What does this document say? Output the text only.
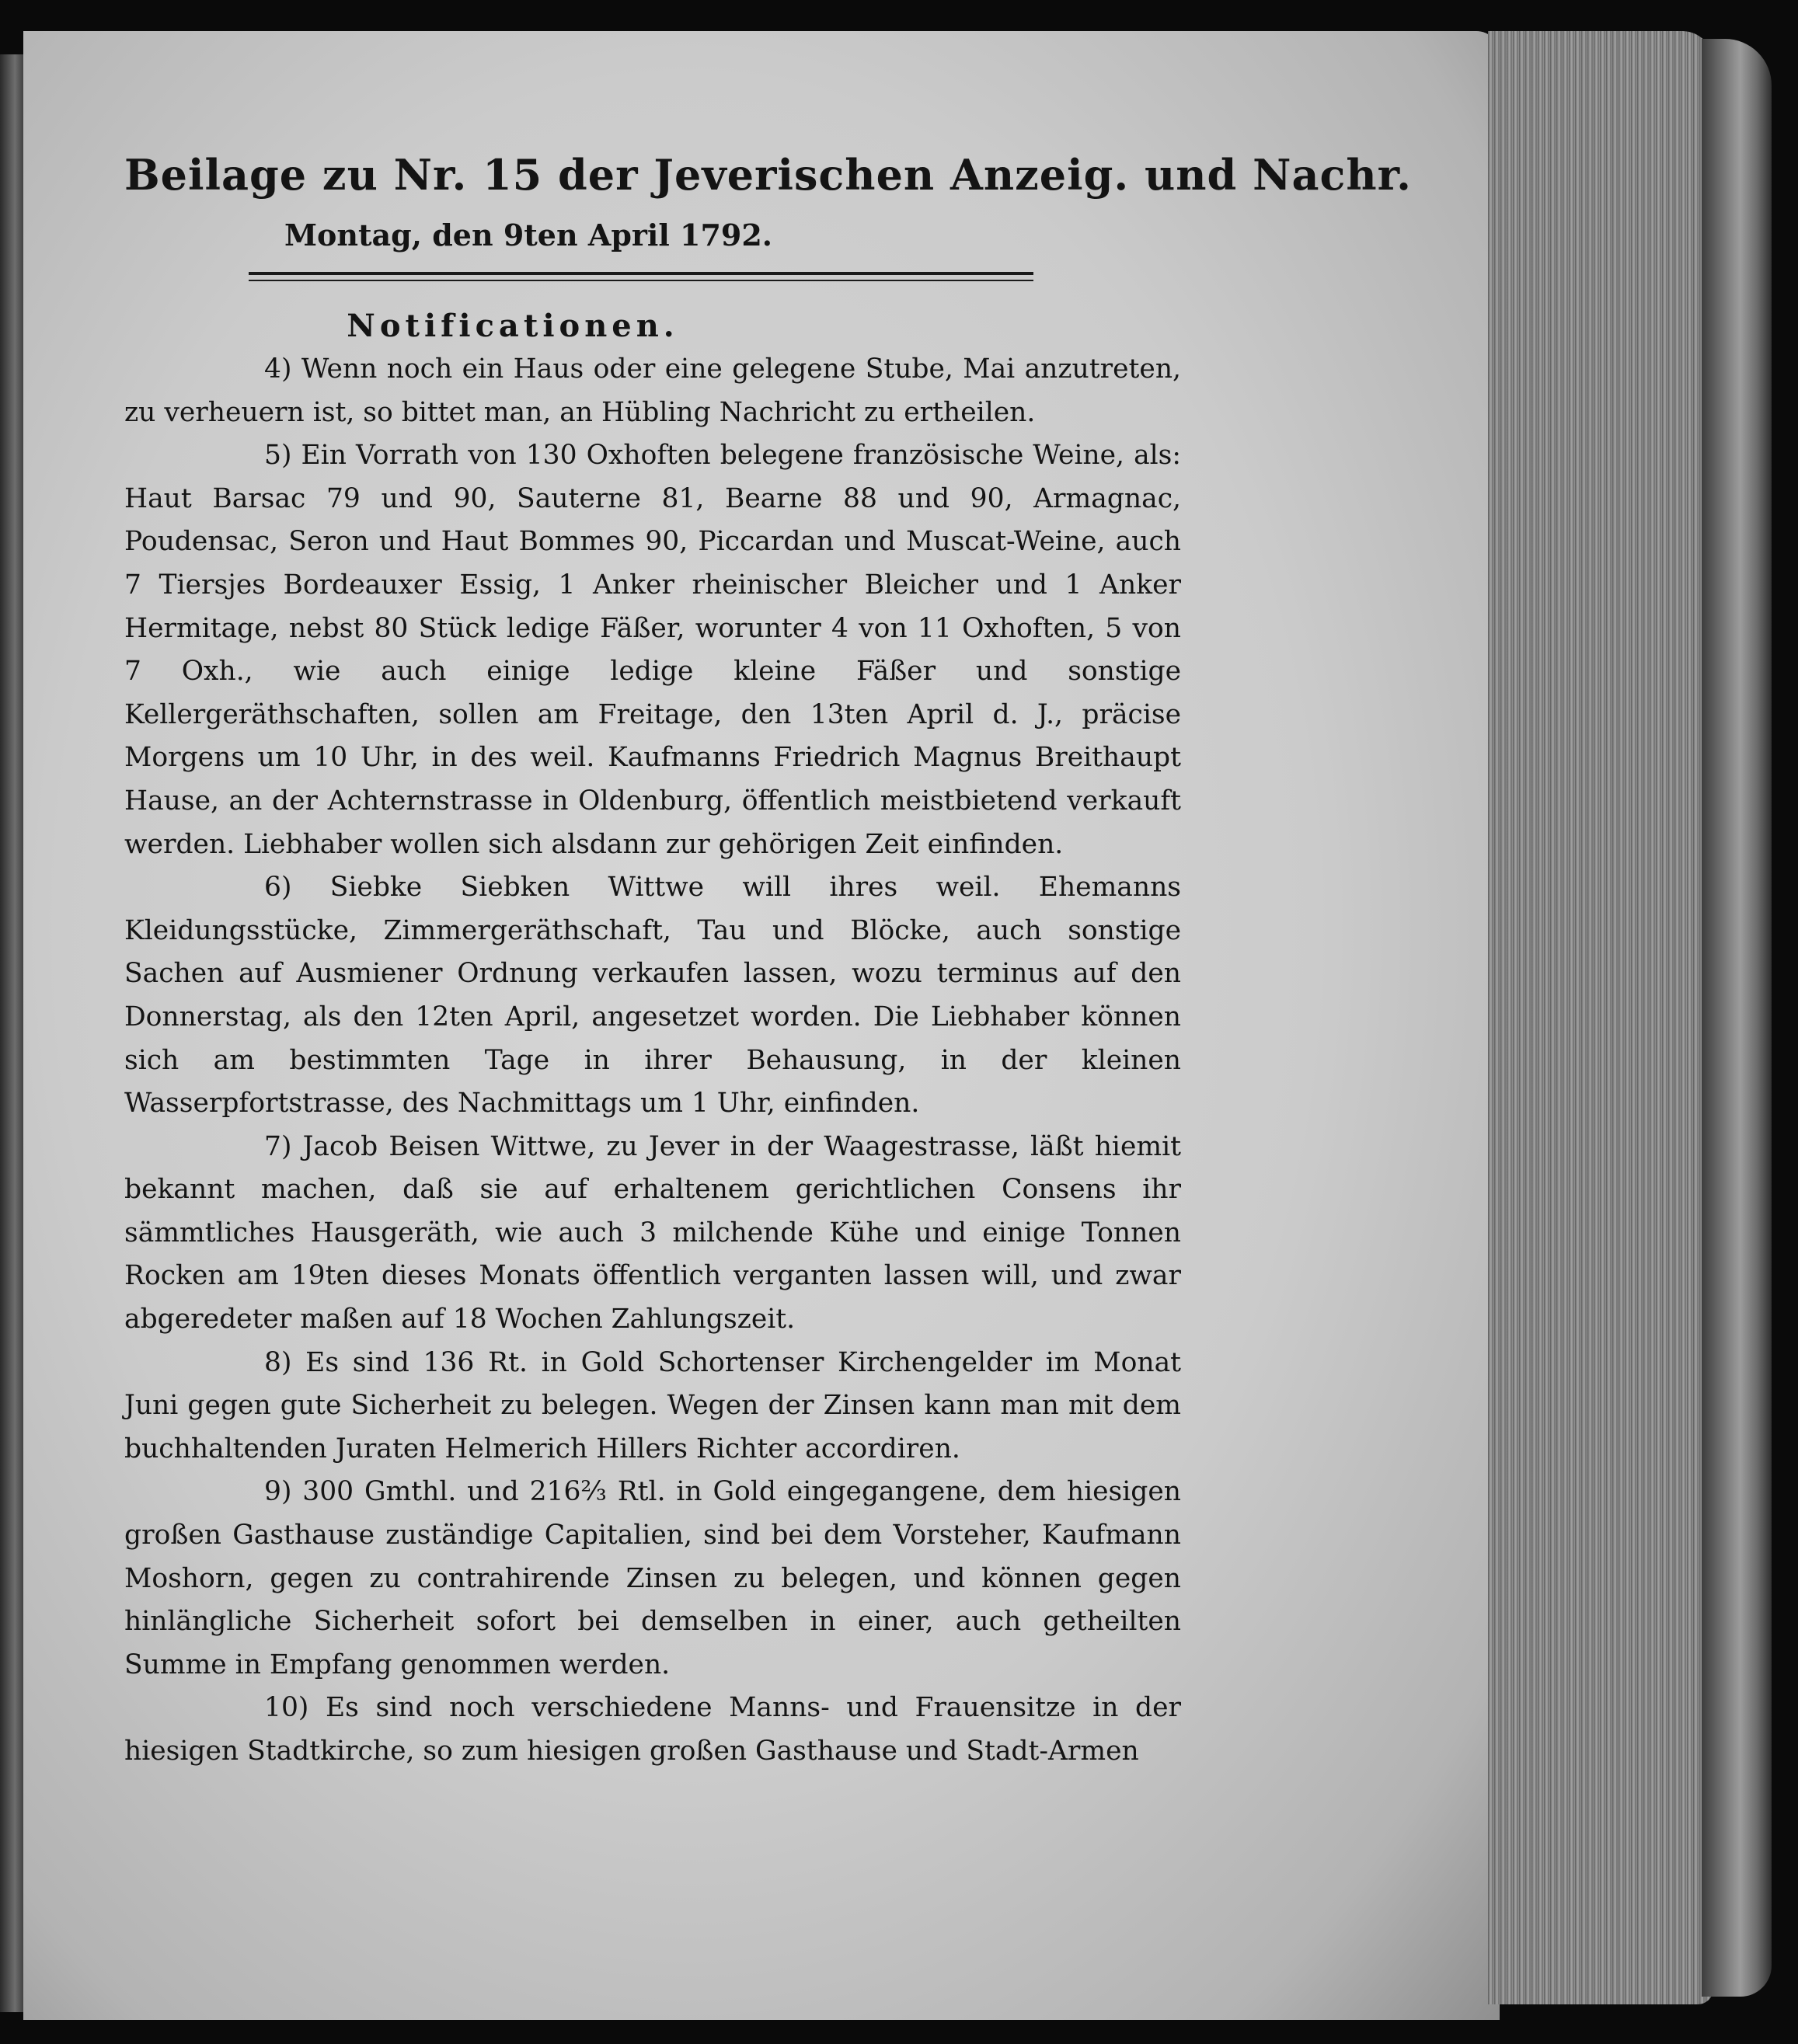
Beilage zu Nr. 15 der Jeverischen Anzeig. und Nachr.
Montag, den 9ten April 1792.
Notificationen.

4) Wenn noch ein Haus oder eine gelegene Stube, Mai anzutreten, zu verheuern ist, so bittet man, an Hübling Nachricht zu ertheilen.

5) Ein Vorrath von 130 Oxhoften belegene französische Weine, als: Haut Barsac 79 und 90, Sauterne 81, Bearne 88 und 90, Armagnac, Poudensac, Seron und Haut Bommes 90, Piccardan und Muscat-Weine, auch 7 Tiersjes Bordeauxer Essig, 1 Anker rheinischer Bleicher und 1 Anker Hermitage, nebst 80 Stück ledige Fäßer, worunter 4 von 11 Oxhoften, 5 von 7 Oxh., wie auch einige ledige kleine Fäßer und sonstige Kellergeräthschaften, sollen am Freitage, den 13ten April d. J., präcise Morgens um 10 Uhr, in des weil. Kaufmanns Friedrich Magnus Breithaupt Hause, an der Achternstrasse in Oldenburg, öffentlich meistbietend verkauft werden. Liebhaber wollen sich alsdann zur gehörigen Zeit einfinden.

6) Siebke Siebken Wittwe will ihres weil. Ehemanns Kleidungsstücke, Zimmergeräthschaft, Tau und Blöcke, auch sonstige Sachen auf Ausmiener Ordnung verkaufen lassen, wozu terminus auf den Donnerstag, als den 12ten April, angesetzet worden. Die Liebhaber können sich am bestimmten Tage in ihrer Behausung, in der kleinen Wasserpfortstrasse, des Nachmittags um 1 Uhr, einfinden.

7) Jacob Beisen Wittwe, zu Jever in der Waagestrasse, läßt hiemit bekannt machen, daß sie auf erhaltenem gerichtlichen Consens ihr sämmtliches Hausgeräth, wie auch 3 milchende Kühe und einige Tonnen Rocken am 19ten dieses Monats öffentlich verganten lassen will, und zwar abgeredeter maßen auf 18 Wochen Zahlungszeit.

8) Es sind 136 Rt. in Gold Schortenser Kirchengelder im Monat Juni gegen gute Sicherheit zu belegen. Wegen der Zinsen kann man mit dem buchhaltenden Juraten Helmerich Hillers Richter accordiren.

9) 300 Gmthl. und 216⅔ Rtl. in Gold eingegangene, dem hiesigen großen Gasthause zuständige Capitalien, sind bei dem Vorsteher, Kaufmann Moshorn, gegen zu contrahirende Zinsen zu belegen, und können gegen hinlängliche Sicherheit sofort bei demselben in einer, auch getheilten Summe in Empfang genommen werden.

10) Es sind noch verschiedene Manns- und Frauensitze in der hiesigen Stadtkirche, so zum hiesigen großen Gasthause und Stadt-Armen
